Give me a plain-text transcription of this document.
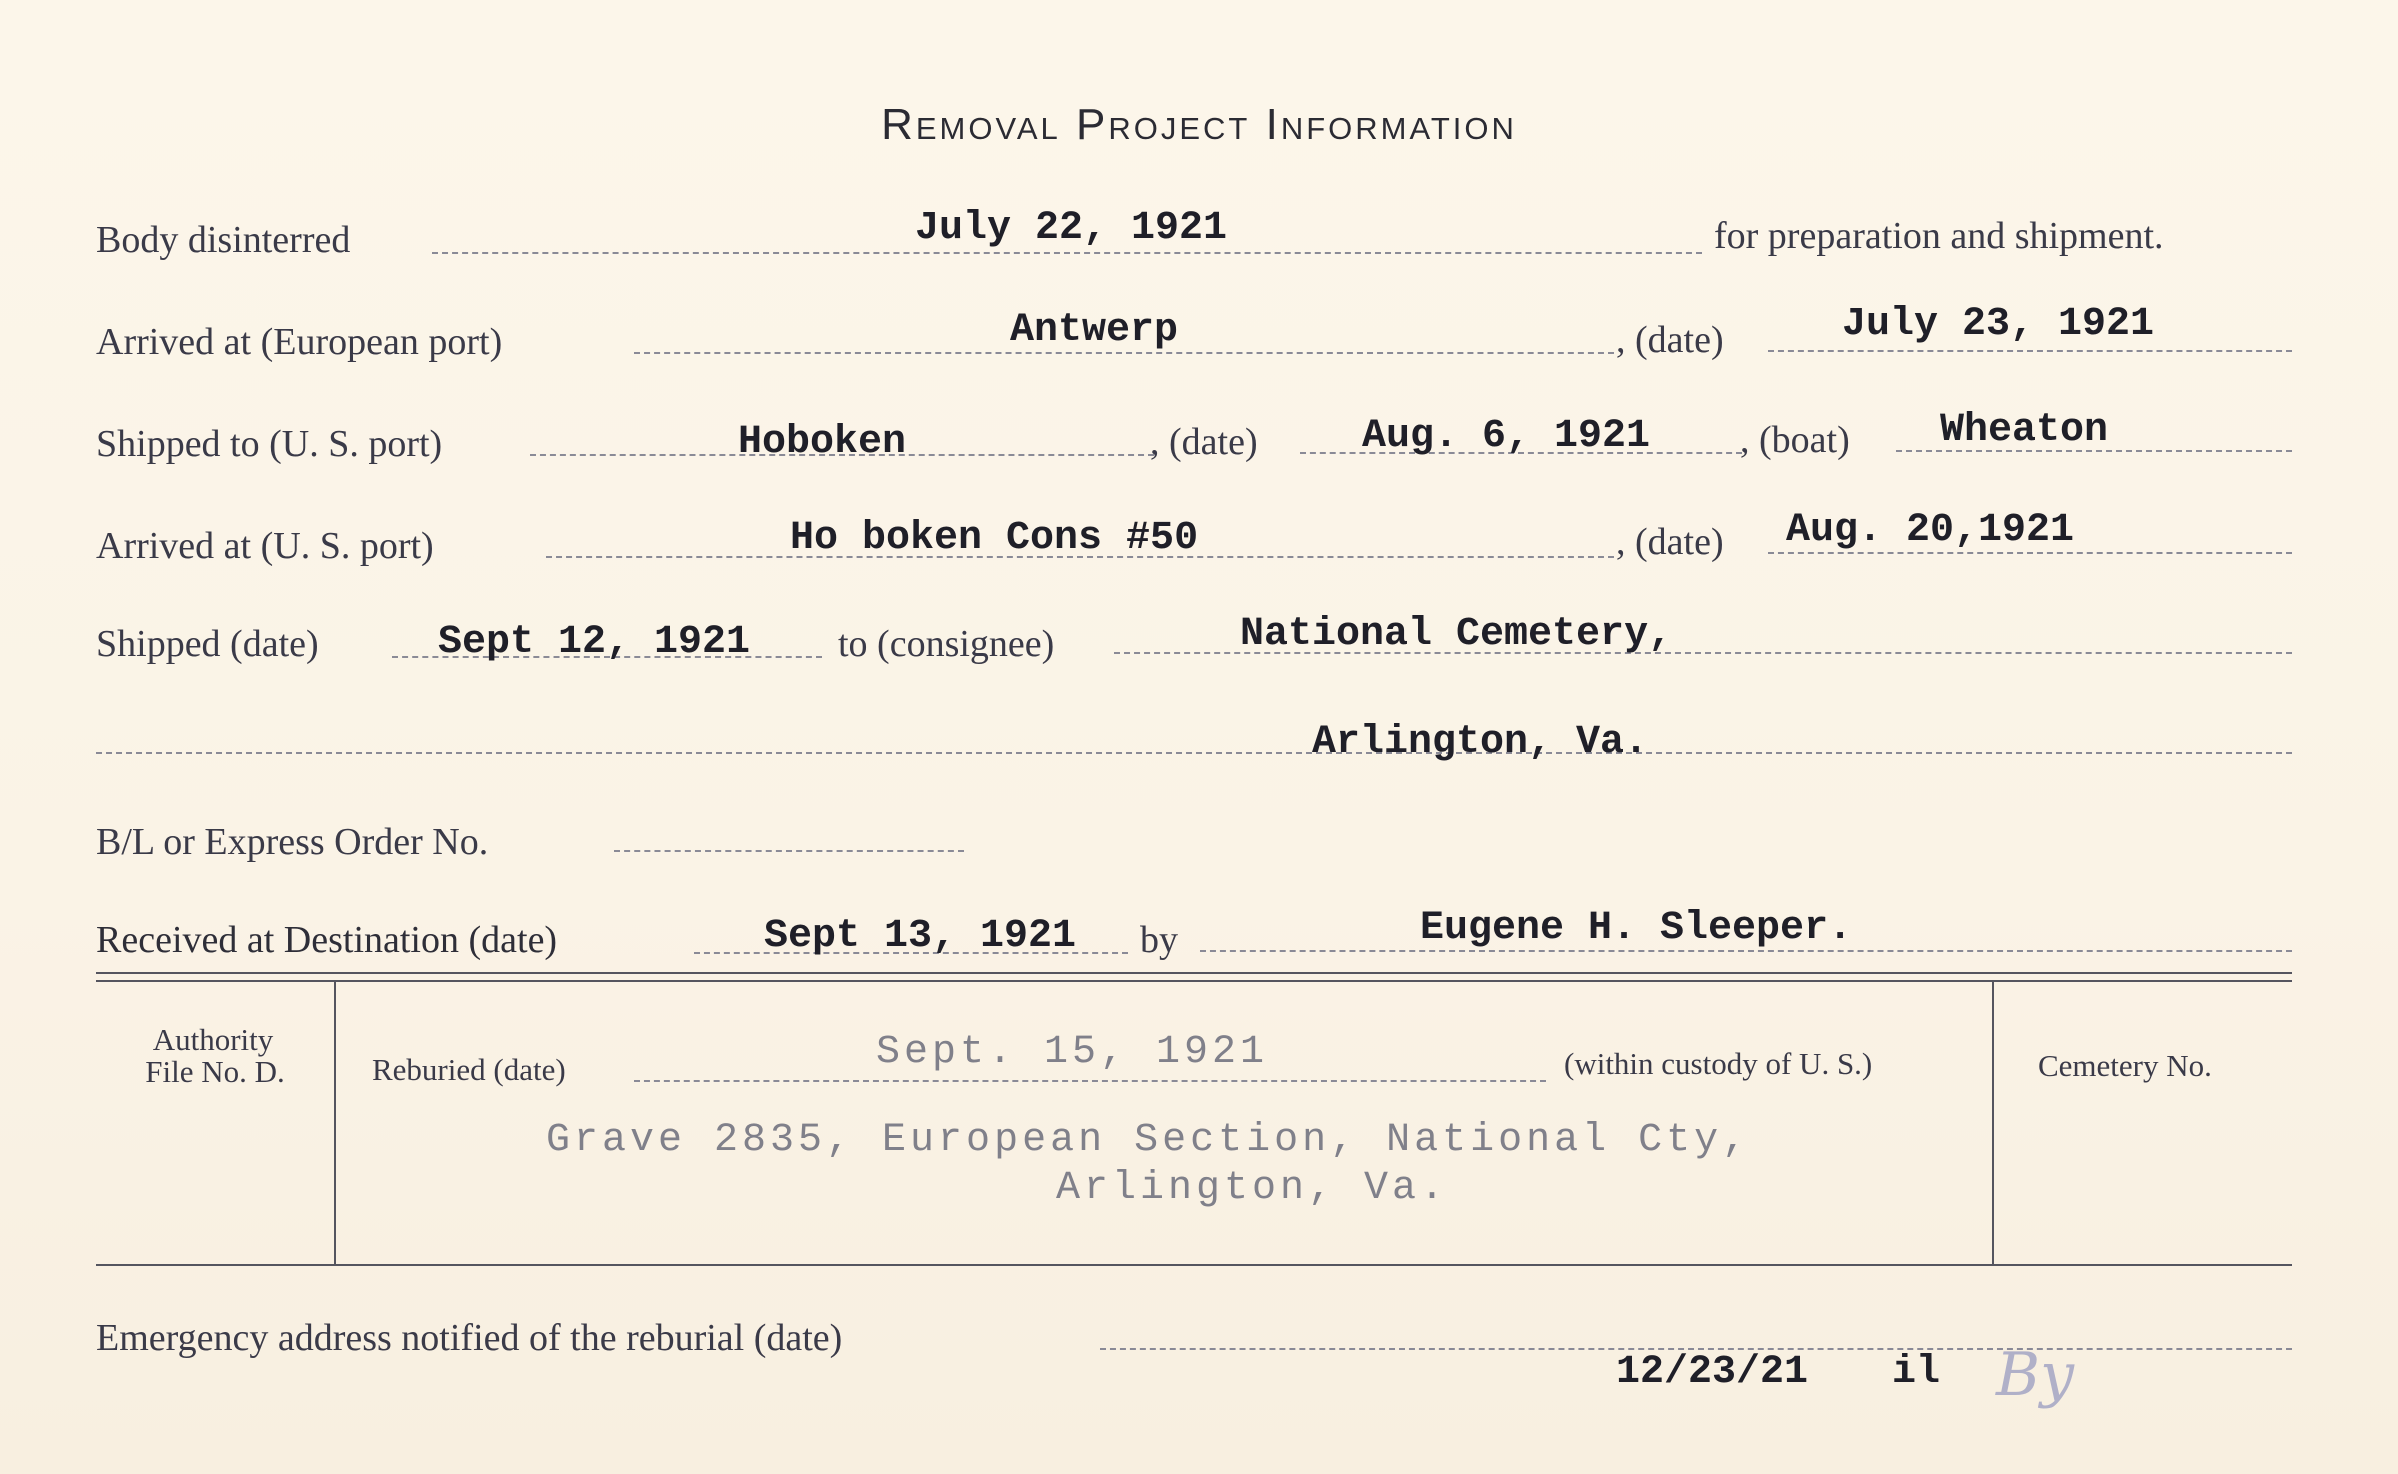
Removal Project Information
Body disinterred	July 22, 1921	for preparation and shipment.
Arrived at (European port)	Antwerp	, (date)	July 23, 1921
Shipped to (U. S. port)	Hoboken	, (date)	Aug. 6, 1921 , (boat) Wheaton
Arrived at (U. S. port)	Ho boken Cons #50	, (date) Aug. 20,1921
Shipped (date)	Sept 12, 1921 to (consignee)	National Cemetery,
Arlington, Va.
B/L or Express Order No.
Received at Destination (date)	Sept 13, 1921 by	Eugene H. Sleeper.
Authority
File No. D.	Reburied (date)	Sept. 15, 1921	(within custody of U. S.)	Cemetery No.
Grave 2835, European Section, National Cty,
Arlington, Va.
Emergency address notified of the reburial (date)
12/23/21 il By
